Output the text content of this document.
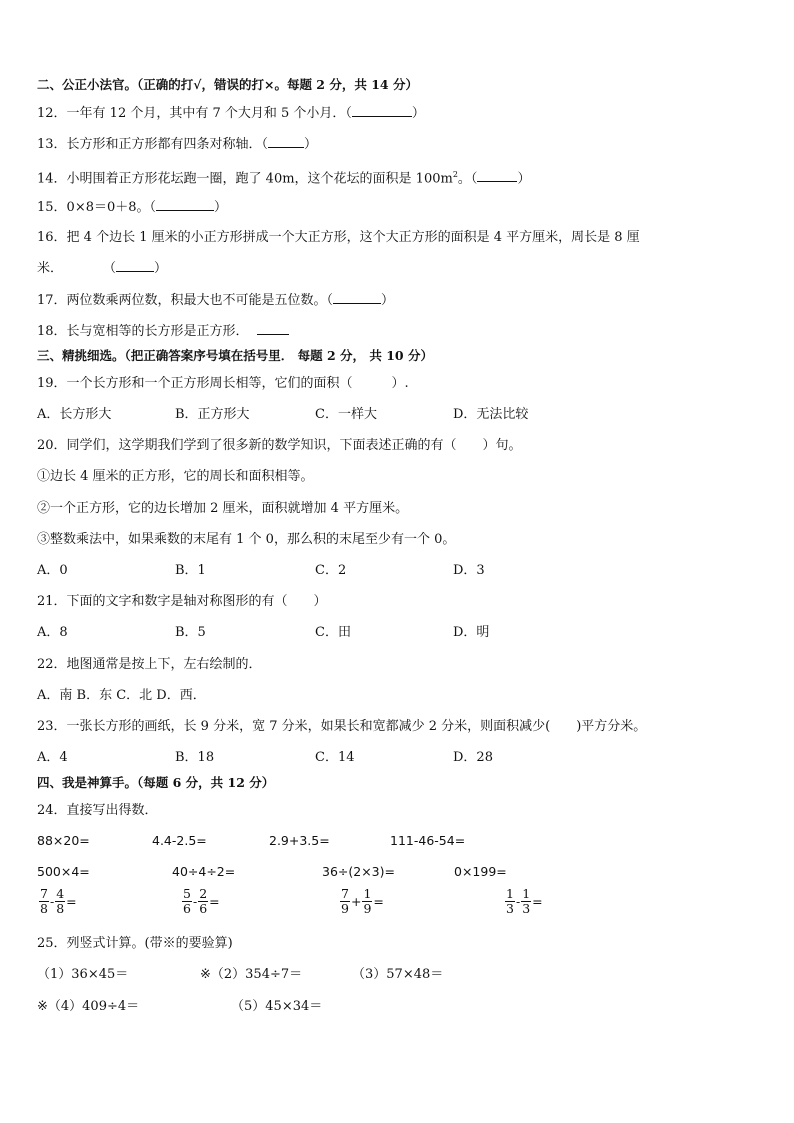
二、公正小法官。（正确的打√，错误的打×。每题 2 分，共 14 分）
12．一年有 12 个月，其中有 7 个大月和 5 个小月．（	）
13．长方形和正方形都有四条对称轴．（	）
14．小明围着正方形花坛跑一圈，跑了 40m，这个花坛的面积是 $100m^2$。（	）
15．0×8＝0＋8。（	）
16．把 4 个边长 1 厘米的小正方形拼成一个大正方形，这个大正方形的面积是 4 平方厘米，周长是 8 厘
米．	（	）
17．两位数乘两位数，积最大也不可能是五位数。（	）
18．长与宽相等的长方形是正方形．
三、精挑细选。（把正确答案序号填在括号里． 每题 2 分， 共 10 分）
19．一个长方形和一个正方形周长相等，它们的面积（　　　）.
A．长方形大	B．正方形大	C．一样大	D．无法比较
20．同学们，这学期我们学到了很多新的数学知识，下面表述正确的有（　　）句。
①边长 4 厘米的正方形，它的周长和面积相等。
②一个正方形，它的边长增加 2 厘米，面积就增加 4 平方厘米。
③整数乘法中，如果乘数的末尾有 1 个 0，那么积的末尾至少有一个 0。
A．0	B．1	C．2	D．3
21．下面的文字和数字是轴对称图形的有（　　）
A．8	B．5	C．田	D．明
22．地图通常是按上下，左右绘制的．
A．南 B．东 C．北 D．西．
23．一张长方形的画纸，长 9 分米，宽 7 分米，如果长和宽都减少 2 分米，则面积减少(　　)平方分米。
A．4	B．18	C．14	D．28
四、我是神算手。（每题 6 分，共 12 分）
24．直接写出得数．
88×20=	4.4-2.5=	2.9+3.5=	111-46-54=
500×4=	40÷4÷2=	36÷(2×3)=	0×199=
$\frac{7}{8} - \frac{4}{8}$ =	$\frac{5}{6} - \frac{2}{6}$ =	$\frac{7}{9} + \frac{1}{9}$ =	$\frac{1}{3} - \frac{1}{3}$ =
25．列竖式计算。(带※的要验算)
（1）36×45＝	※（2）354÷7＝	（3）57×48＝
※（4）409÷4＝	（5）45×34＝
